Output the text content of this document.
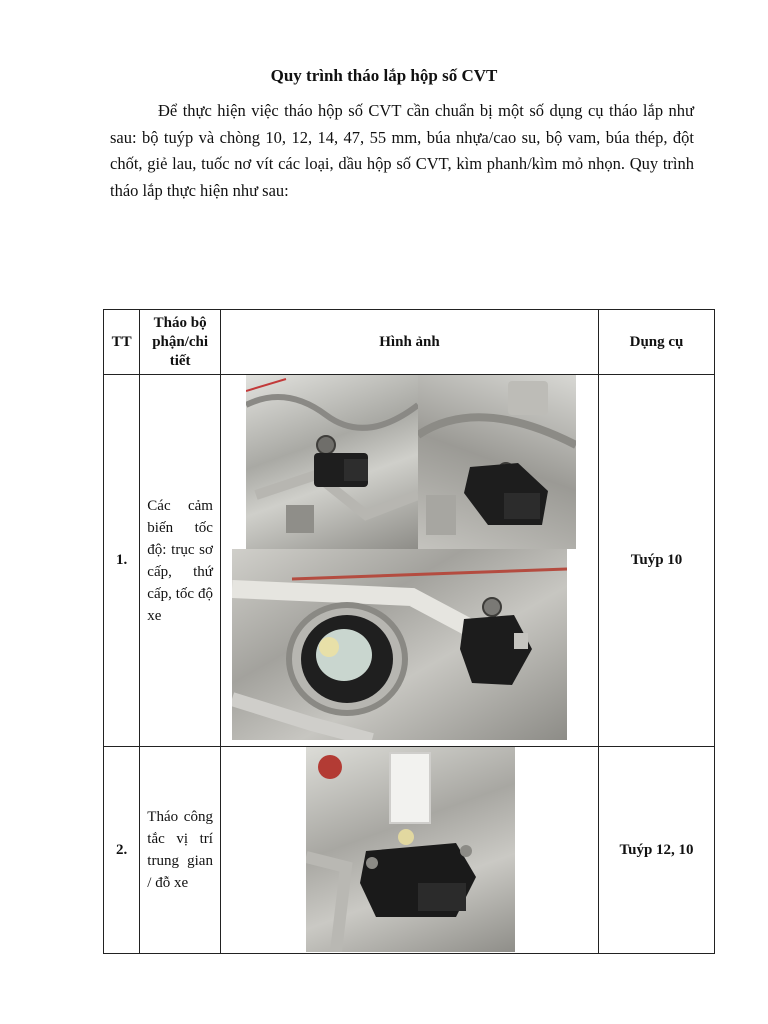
Quy trình tháo lắp hộp số CVT

Để thực hiện việc tháo hộp số CVT cần chuẩn bị một số dụng cụ tháo lắp như sau: bộ tuýp và chòng 10, 12, 14, 47, 55 mm, búa nhựa/cao su, bộ vam, búa thép, đột chốt, giẻ lau, tuốc nơ vít các loại, dầu hộp số CVT, kìm phanh/kìm mỏ nhọn. Quy trình tháo lắp thực hiện như sau:

TT	Tháo bộ phận/chi tiết	Hình ảnh	Dụng cụ
1.	Các cảm biến tốc độ: trục sơ cấp, thứ cấp, tốc độ xe		Tuýp 10
2.	Tháo công tắc vị trí trung gian / đỗ xe		Tuýp 12, 10
